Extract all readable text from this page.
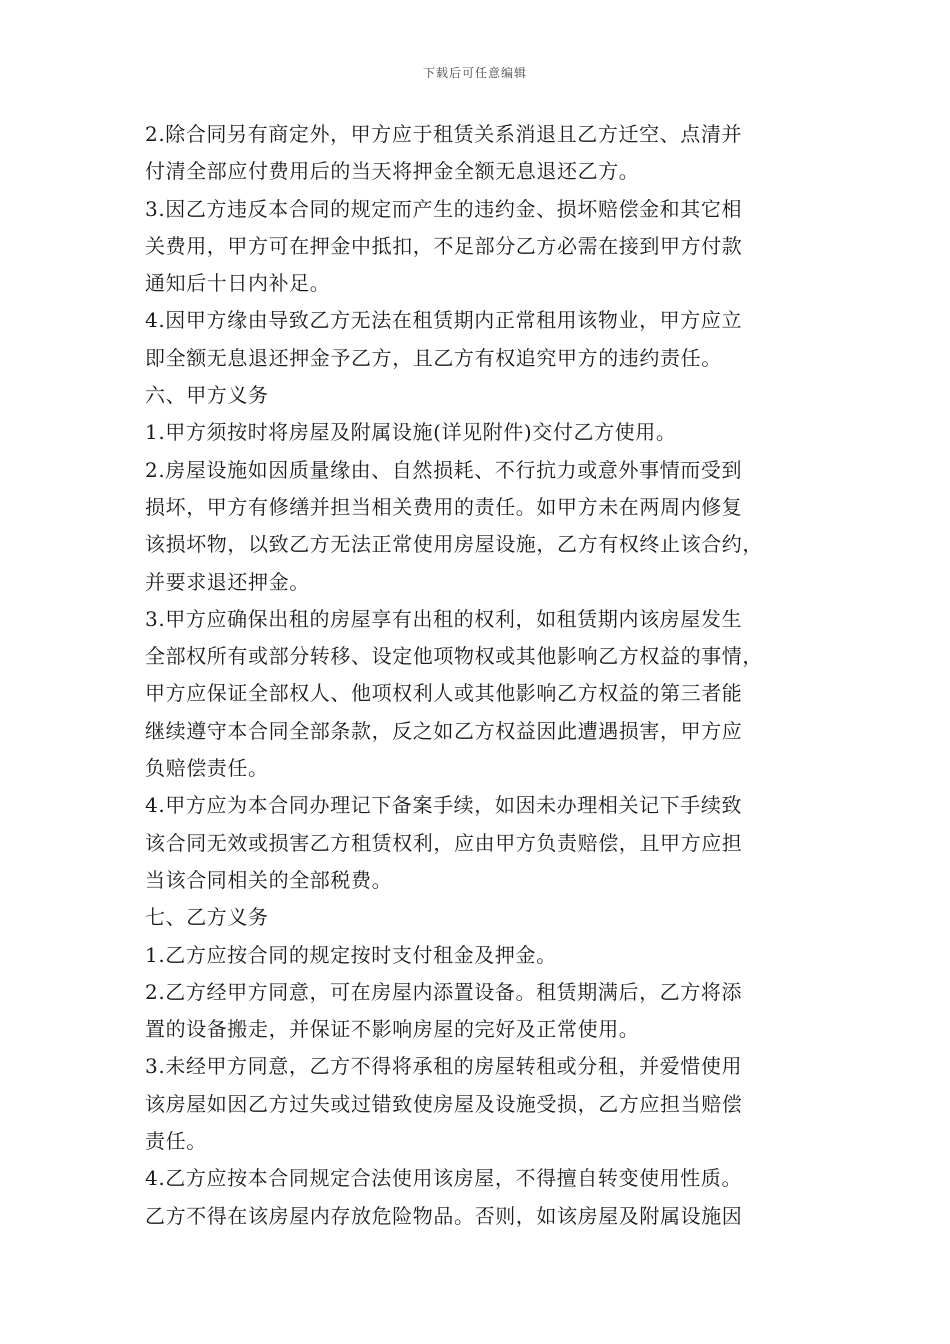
下载后可任意编辑
2.除合同另有商定外，甲方应于租赁关系消退且乙方迁空、点清并
付清全部应付费用后的当天将押金全额无息退还乙方。
3.因乙方违反本合同的规定而产生的违约金、损坏赔偿金和其它相
关费用，甲方可在押金中抵扣，不足部分乙方必需在接到甲方付款
通知后十日内补足。
4.因甲方缘由导致乙方无法在租赁期内正常租用该物业，甲方应立
即全额无息退还押金予乙方，且乙方有权追究甲方的违约责任。
六、甲方义务
1.甲方须按时将房屋及附属设施(详见附件)交付乙方使用。
2.房屋设施如因质量缘由、自然损耗、不行抗力或意外事情而受到
损坏，甲方有修缮并担当相关费用的责任。如甲方未在两周内修复
该损坏物，以致乙方无法正常使用房屋设施，乙方有权终止该合约，
并要求退还押金。
3.甲方应确保出租的房屋享有出租的权利，如租赁期内该房屋发生
全部权所有或部分转移、设定他项物权或其他影响乙方权益的事情，
甲方应保证全部权人、他项权利人或其他影响乙方权益的第三者能
继续遵守本合同全部条款，反之如乙方权益因此遭遇损害，甲方应
负赔偿责任。
4.甲方应为本合同办理记下备案手续，如因未办理相关记下手续致
该合同无效或损害乙方租赁权利，应由甲方负责赔偿，且甲方应担
当该合同相关的全部税费。
七、乙方义务
1.乙方应按合同的规定按时支付租金及押金。
2.乙方经甲方同意，可在房屋内添置设备。租赁期满后，乙方将添
置的设备搬走，并保证不影响房屋的完好及正常使用。
3.未经甲方同意，乙方不得将承租的房屋转租或分租，并爱惜使用
该房屋如因乙方过失或过错致使房屋及设施受损，乙方应担当赔偿
责任。
4.乙方应按本合同规定合法使用该房屋，不得擅自转变使用性质。
乙方不得在该房屋内存放危险物品。否则，如该房屋及附属设施因
